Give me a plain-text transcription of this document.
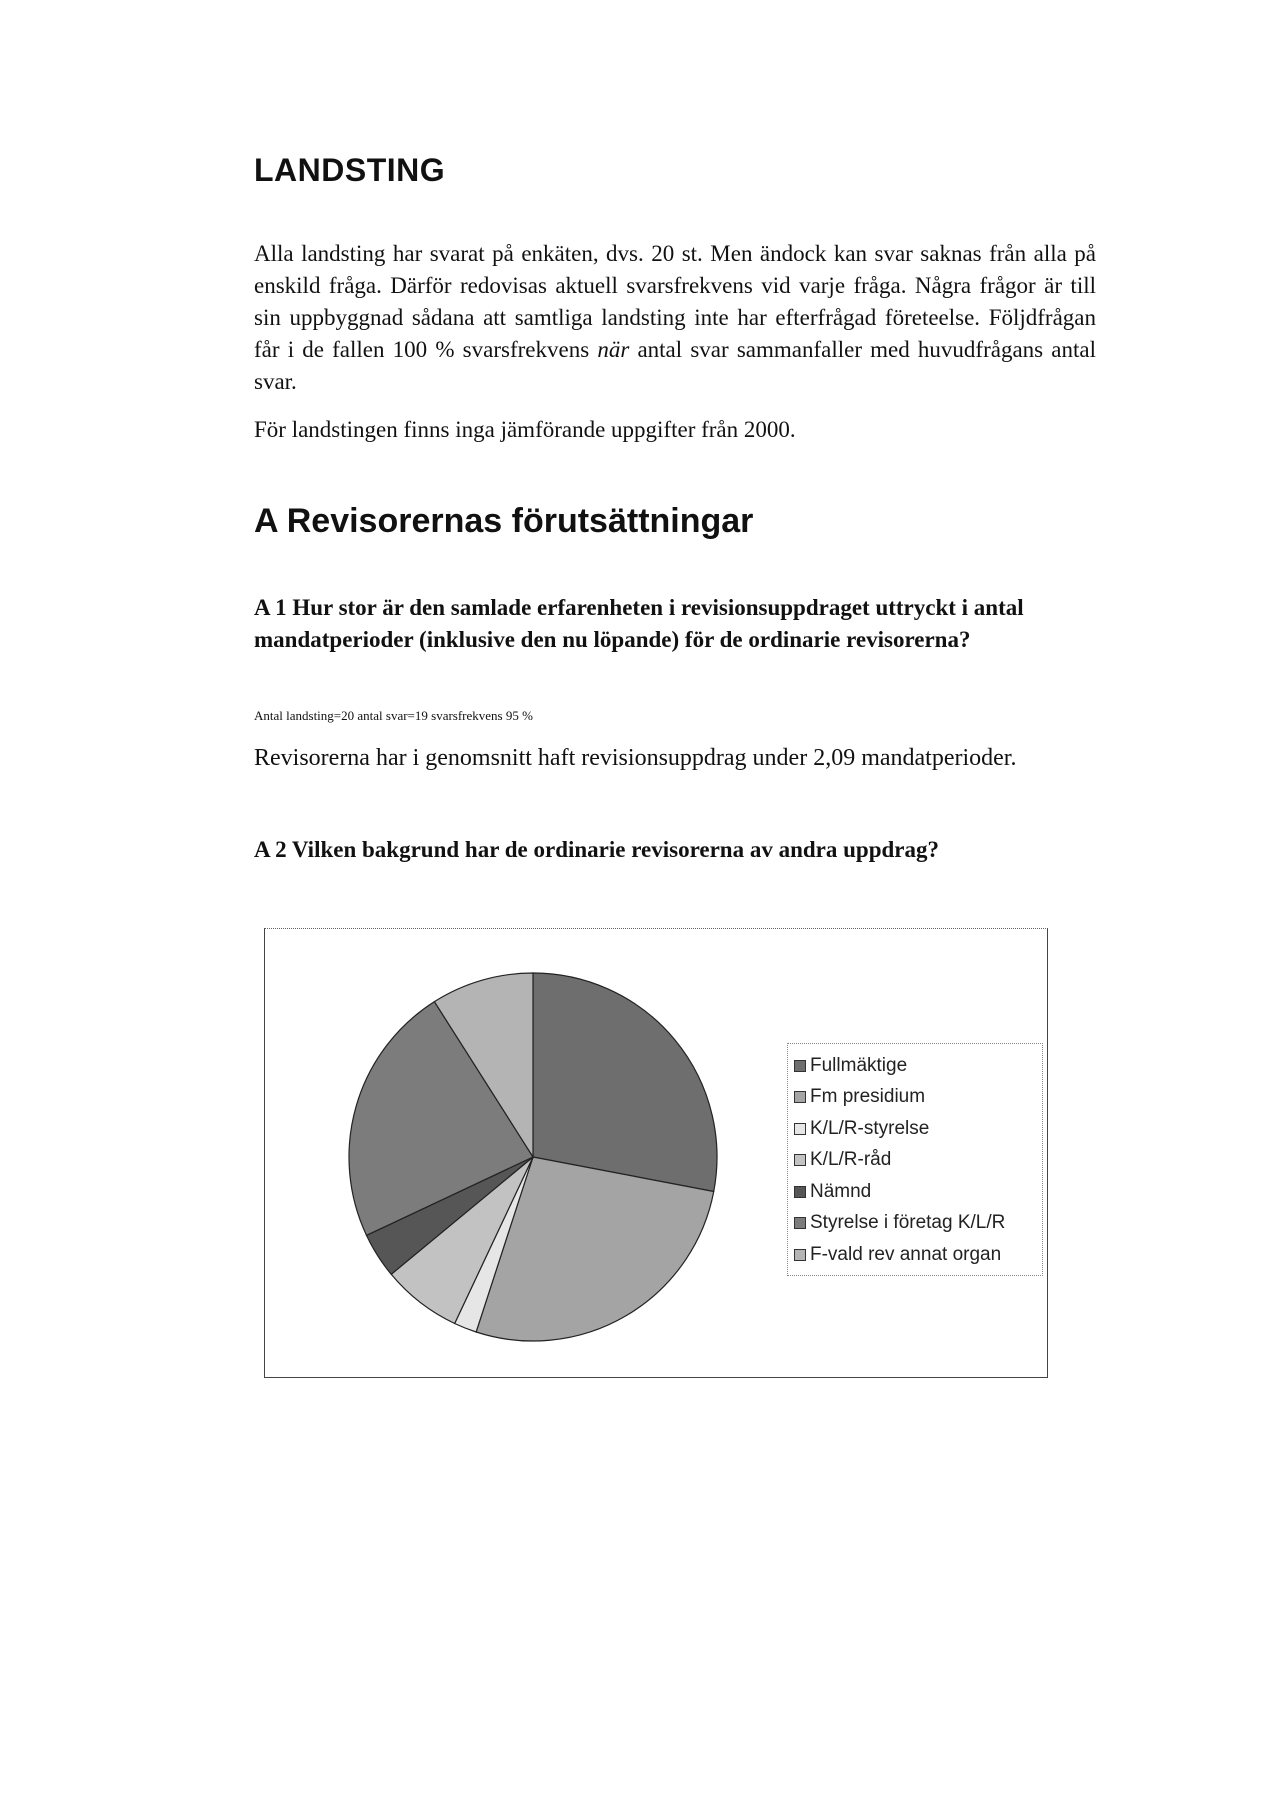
LANDSTING

Alla landsting har svarat på enkäten, dvs. 20 st. Men ändock kan svar saknas från alla på enskild fråga. Därför redovisas aktuell svarsfrekvens vid varje fråga. Några frågor är till sin uppbyggnad sådana att samtliga landsting inte har efterfrågad företeelse. Följdfrågan får i de fallen 100 % svarsfrekvens när antal svar sammanfaller med huvudfrågans antal svar.

För landstingen finns inga jämförande uppgifter från 2000.

A Revisorernas förutsättningar

A 1 Hur stor är den samlade erfarenheten i revisionsuppdraget uttryckt i antal mandatperioder (inklusive den nu löpande) för de ordinarie revisorerna?

Antal landsting=20 antal svar=19 svarsfrekvens 95 %

Revisorerna har i genomsnitt haft revisionsuppdrag under 2,09 mandatperioder.

A 2 Vilken bakgrund har de ordinarie revisorerna av andra uppdrag?

Fullmäktige
Fm presidium
K/L/R-styrelse
K/L/R-råd
Nämnd
Styrelse i företag K/L/R
F-vald rev annat organ
